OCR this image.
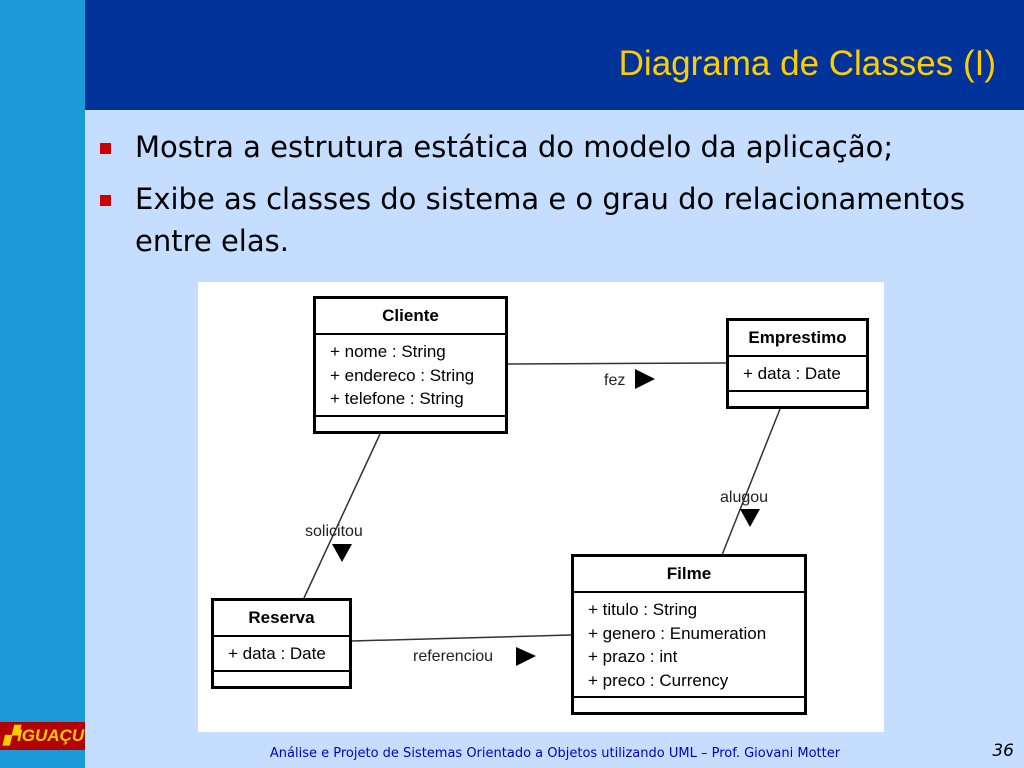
Diagrama de Classes (I)
Mostra a estrutura estática do modelo da aplicação;
Exibe as classes do sistema e o grau do relacionamentos entre elas.
Cliente
+ nome : String
+ endereco : String
+ telefone : String
Emprestimo
+ data : Date
Reserva
+ data : Date
Filme
+ titulo : String
+ genero : Enumeration
+ prazo : int
+ preco : Currency
fez
alugou
solicitou
referenciou
▞IGUAÇU
Análise e Projeto de Sistemas Orientado a Objetos utilizando UML – Prof. Giovani Motter	36
